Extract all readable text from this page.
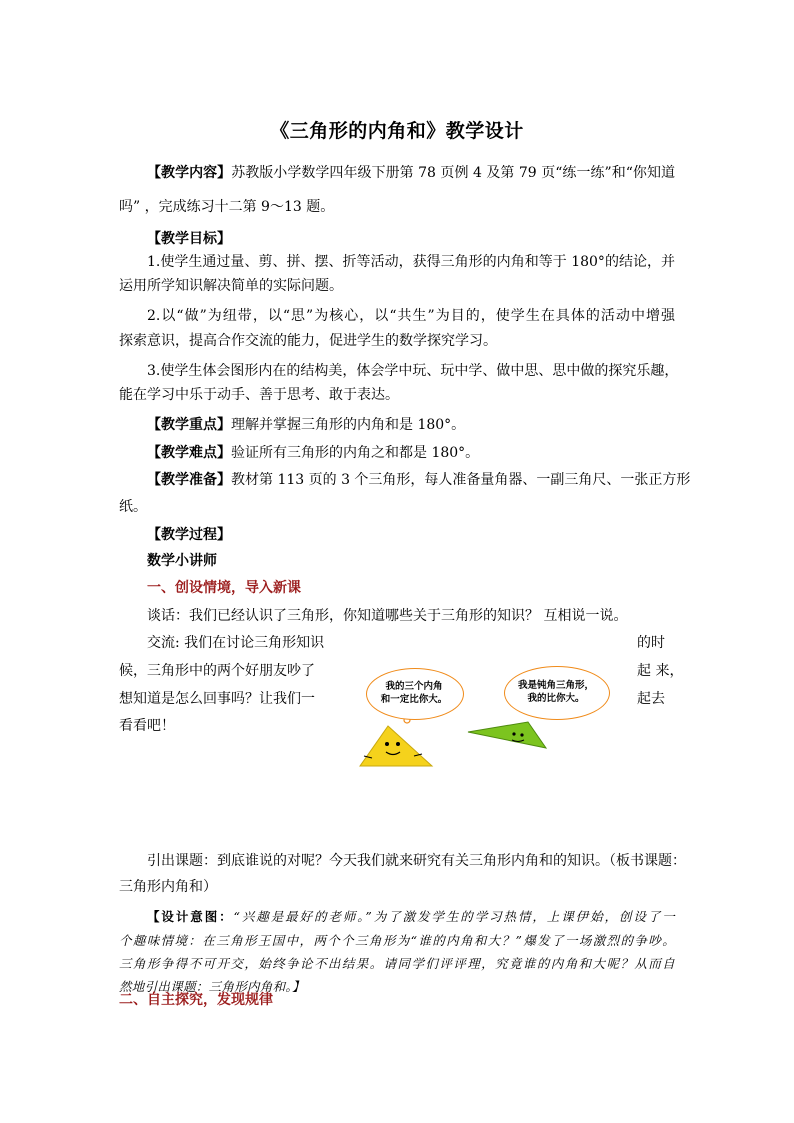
《三角形的内角和》教学设计
【教学内容】苏教版小学数学四年级下册第 78 页例 4 及第 79 页“练一练”和“你知道
吗” ，完成练习十二第 9～13 题。
【教学目标】
1.使学生通过量、剪、拼、摆、折等活动，获得三角形的内角和等于 180°的结论，并
运用所学知识解决简单的实际问题。
2.以“做”为纽带，以“思”为核心，以“共生”为目的，使学生在具体的活动中增强
探索意识，提高合作交流的能力，促进学生的数学探究学习。
3.使学生体会图形内在的结构美，体会学中玩、玩中学、做中思、思中做的探究乐趣，
能在学习中乐于动手、善于思考、敢于表达。
【教学重点】理解并掌握三角形的内角和是 180°。
【教学难点】验证所有三角形的内角之和都是 180°。
【教学准备】教材第 113 页的 3 个三角形，每人准备量角器、一副三角尺、一张正方形
纸。
【教学过程】
数学小讲师
一、创设情境，导入新课
谈话：我们已经认识了三角形，你知道哪些关于三角形的知识？ 互相说一说。
交流: 我们在讨论三角形知识	的时
候，三角形中的两个好朋友吵了	起 来，
想知道是怎么回事吗？让我们一	起去
看看吧！
我的三个内角
和一定比你大。
我是钝角三角形，
我的比你大。
引出课题：到底谁说的对呢？今天我们就来研究有关三角形内角和的知识。（板书课题：
三角形内角和）
【设计意图：“兴趣是最好的老师。”为了激发学生的学习热情，上课伊始，创设了一
个趣味情境：在三角形王国中，两个个三角形为“谁的内角和大？”爆发了一场激烈的争吵。
三角形争得不可开交，始终争论不出结果。请同学们评评理，究竟谁的内角和大呢？从而自
然地引出课题：三角形内角和。】
二、自主探究，发现规律
